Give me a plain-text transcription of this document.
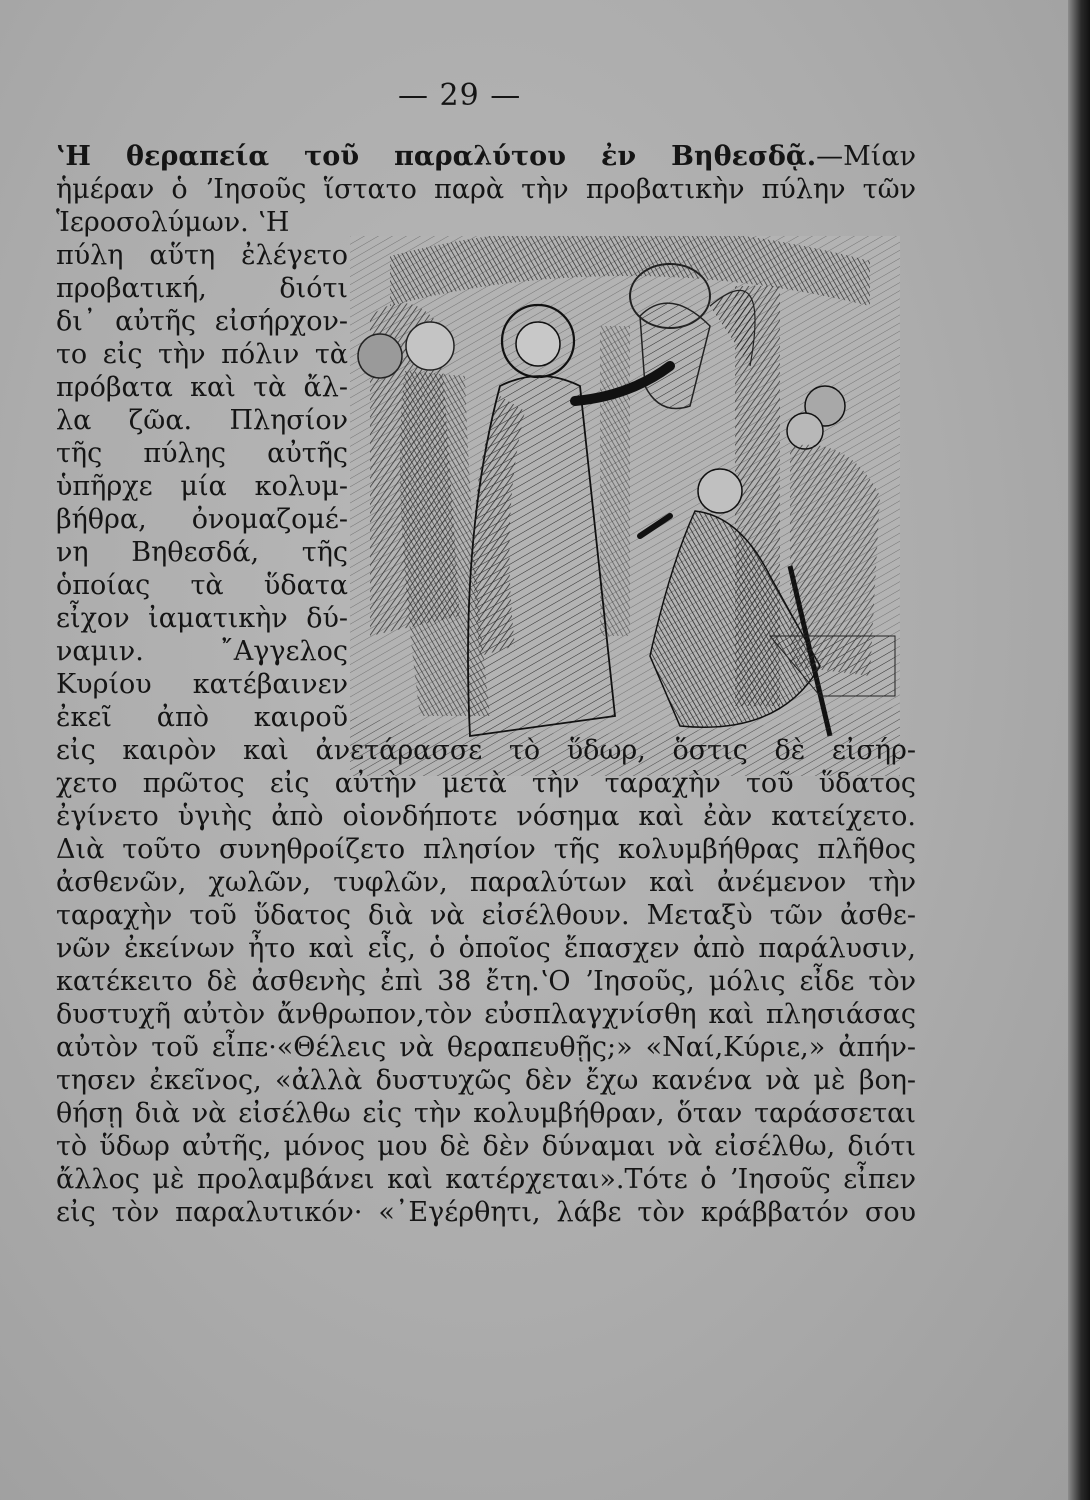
— 29 —
ʽΗ θεραπεία τοῦ παραλύτου ἐν Βηθεσδᾷ.—Μίαν
ἡμέραν ὁ ʼΙησοῦς ἵστατο παρὰ τὴν προβατικὴν πύλην τῶν
Ἱεροσολύμων. ʽΗ
πύλη αὕτη ἐλέγετο
προβατική, διότι
δι᾽ αὐτῆς εἰσήρχον-
το εἰς τὴν πόλιν τὰ
πρόβατα καὶ τὰ ἄλ-
λα ζῶα. Πλησίον
τῆς πύλης αὐτῆς
ὑπῆρχε μία κολυμ-
βήθρα, ὀνομαζομέ-
νη Βηθεσδά, τῆς
ὁποίας τὰ ὕδατα
εἶχον ἰαματικὴν δύ-
ναμιν. ῎Αγγελος
Κυρίου κατέβαινεν
ἐκεῖ ἀπὸ καιροῦ
εἰς καιρὸν καὶ ἀνετάρασσε τὸ ὕδωρ, ὅστις δὲ εἰσήρ-
χετο πρῶτος εἰς αὐτὴν μετὰ τὴν ταραχὴν τοῦ ὕδατος
ἐγίνετο ὑγιὴς ἀπὸ οἱονδήποτε νόσημα καὶ ἐὰν κατείχετο.
Διὰ τοῦτο συνηθροίζετο πλησίον τῆς κολυμβήθρας πλῆθος
ἀσθενῶν, χωλῶν, τυφλῶν, παραλύτων καὶ ἀνέμενον τὴν
ταραχὴν τοῦ ὕδατος διὰ νὰ εἰσέλθουν. Μεταξὺ τῶν ἀσθε-
νῶν ἐκείνων ἦτο καὶ εἷς, ὁ ὁποῖος ἔπασχεν ἀπὸ παράλυσιν,
κατέκειτο δὲ ἀσθενὴς ἐπὶ 38 ἔτη.ʽΟ ʼΙησοῦς, μόλις εἶδε τὸν
δυστυχῆ αὐτὸν ἄνθρωπον,τὸν εὐσπλαγχνίσθη καὶ πλησιάσας
αὐτὸν τοῦ εἶπε·«Θέλεις νὰ θεραπευθῇς;» «Ναί,Κύριε,» ἀπήν-
τησεν ἐκεῖνος, «ἀλλὰ δυστυχῶς δὲν ἔχω κανένα νὰ μὲ βοη-
θήσῃ διὰ νὰ εἰσέλθω εἰς τὴν κολυμβήθραν, ὅταν ταράσσεται
τὸ ὕδωρ αὐτῆς, μόνος μου δὲ δὲν δύναμαι νὰ εἰσέλθω, διότι
ἄλλος μὲ προλαμβάνει καὶ κατέρχεται».Τότε ὁ ʼΙησοῦς εἶπεν
εἰς τὸν παραλυτικόν· «᾽Εγέρθητι, λάβε τὸν κράββατόν σου
